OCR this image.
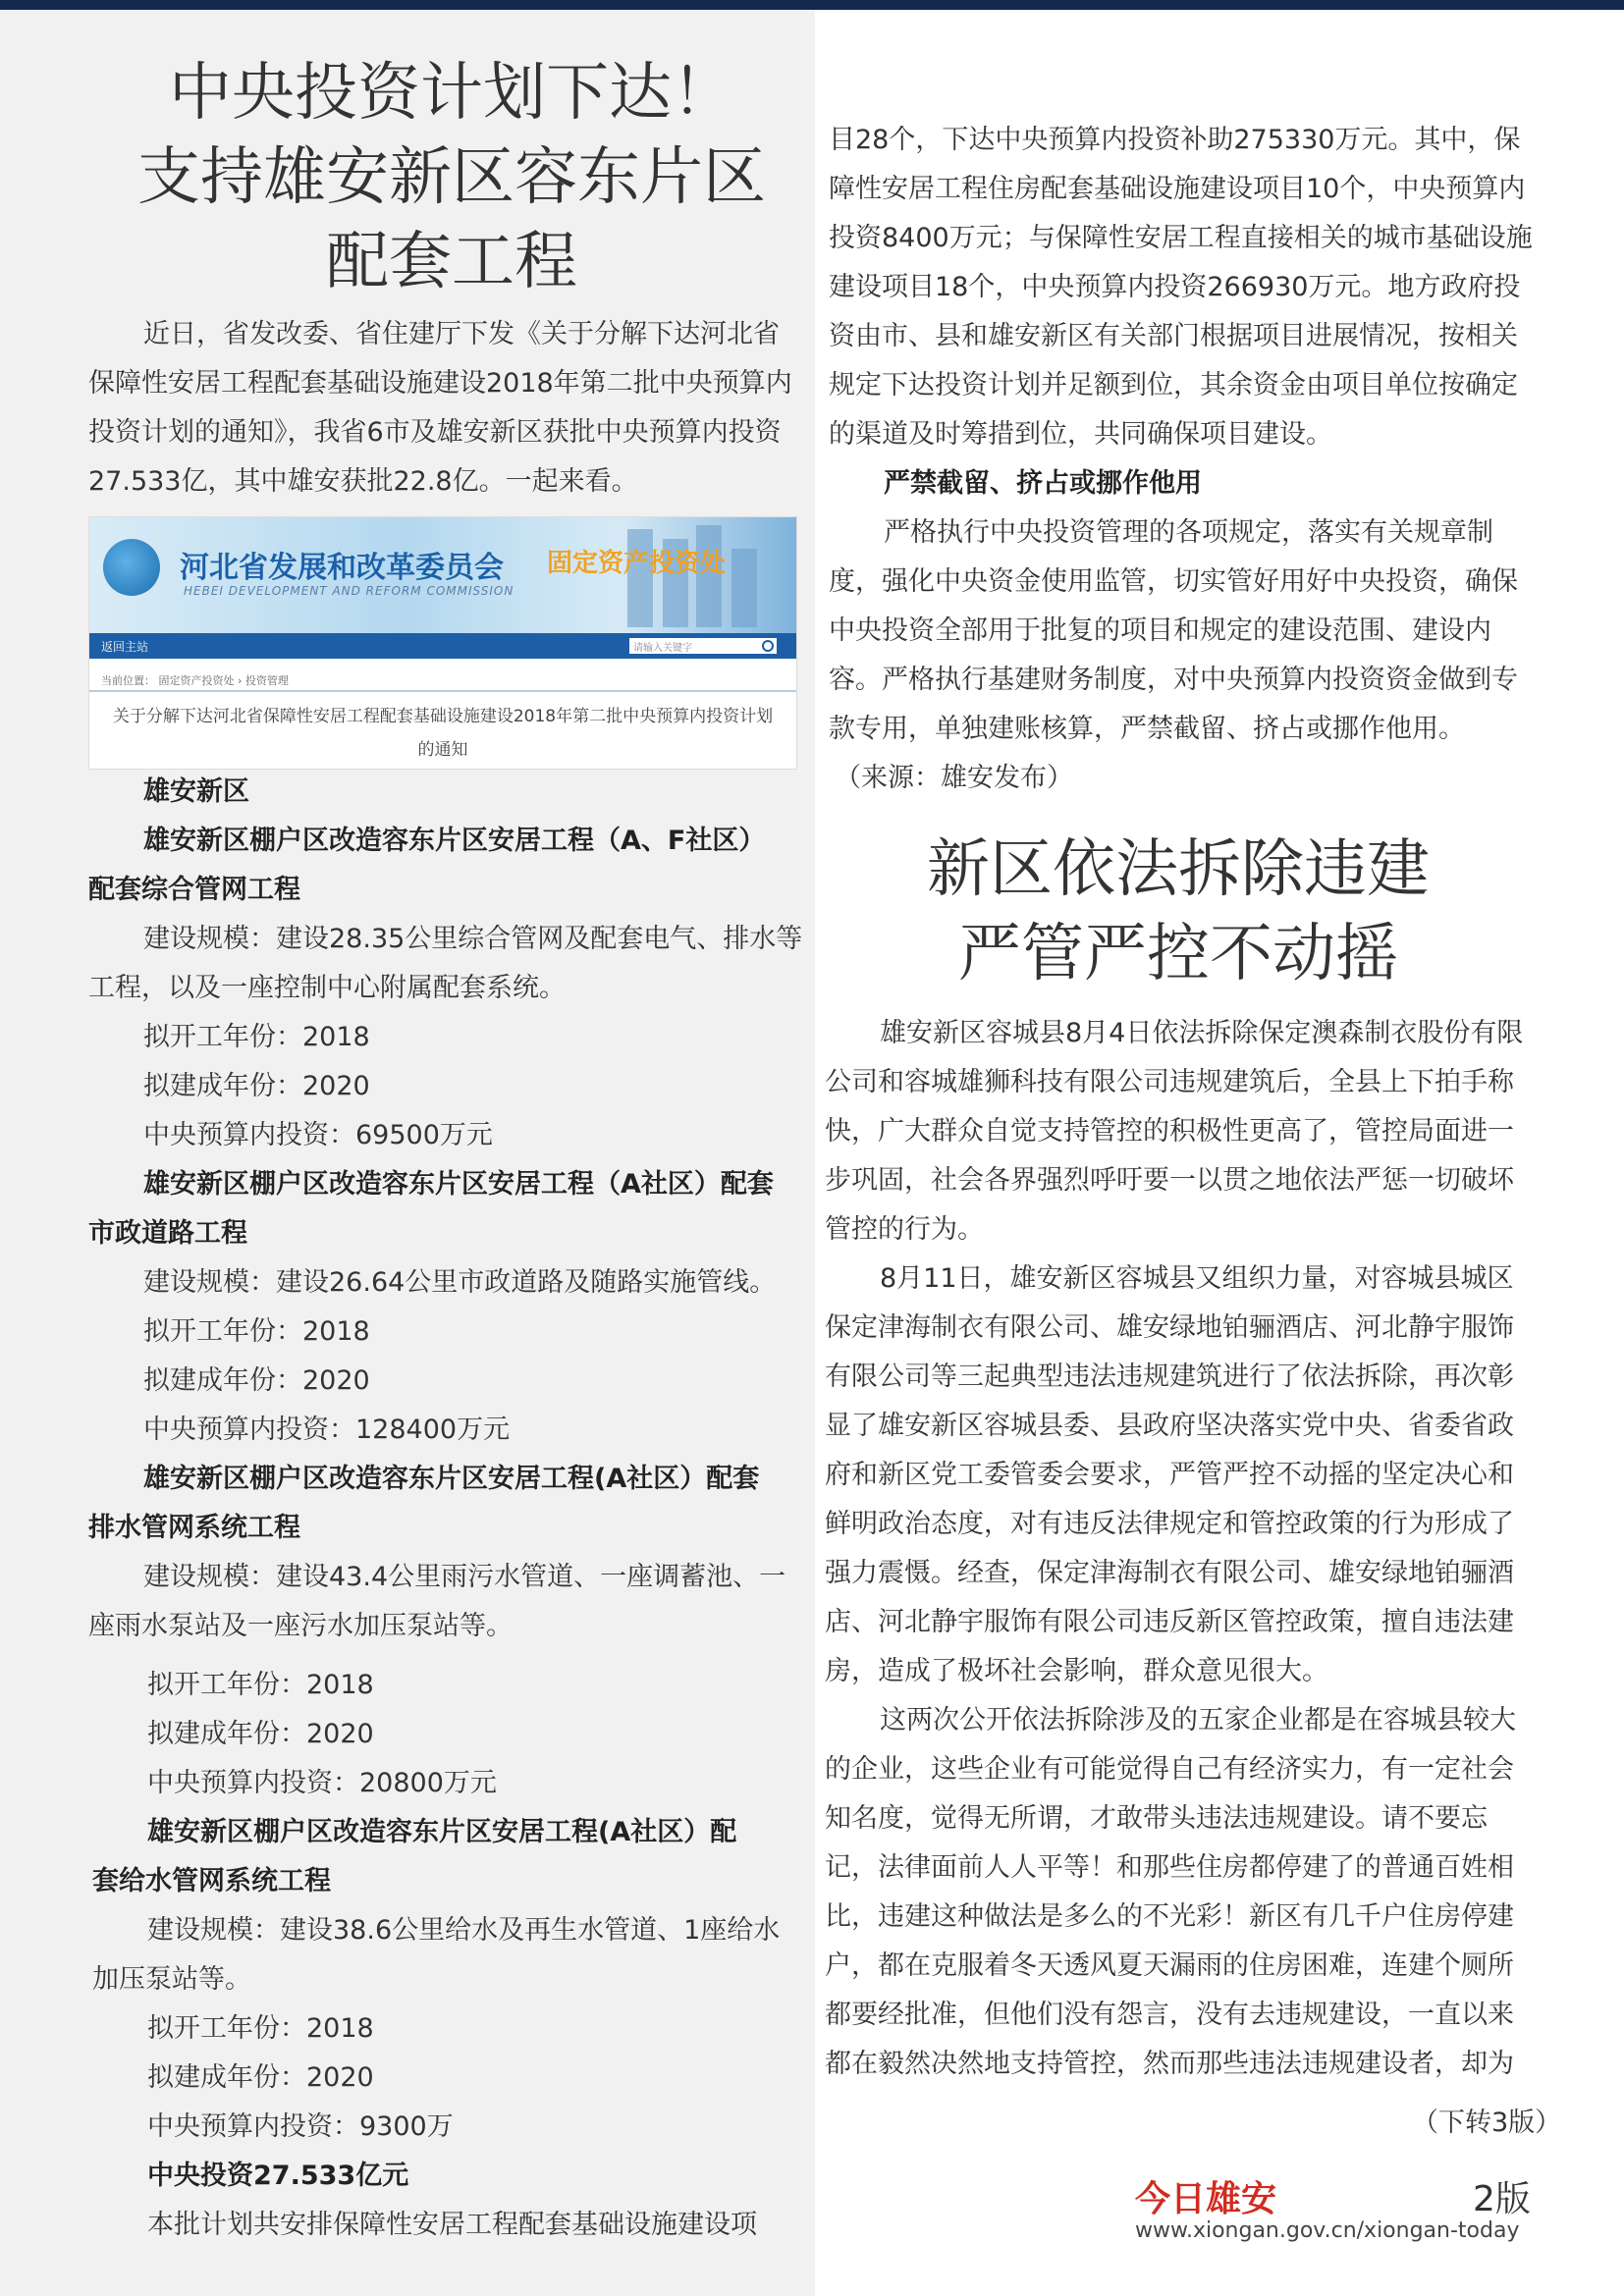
中央投资计划下达！
支持雄安新区容东片区
配套工程

近日，省发改委、省住建厅下发《关于分解下达河北省保障性安居工程配套基础设施建设2018年第二批中央预算内投资计划的通知》，我省6市及雄安新区获批中央预算内投资27.533亿，其中雄安获批22.8亿。一起来看。

河北省发展和改革委员会 固定资产投资处
HEBEI DEVELOPMENT AND REFORM COMMISSION
返回主站	请输入关键字
当前位置： 固定资产投资处 › 投资管理
关于分解下达河北省保障性安居工程配套基础设施建设2018年第二批中央预算内投资计划
的通知
雄安新区
雄安新区棚户区改造容东片区安居工程（A、F社区）
配套综合管网工程
建设规模：建设28.35公里综合管网及配套电气、排水等
工程，以及一座控制中心附属配套系统。
拟开工年份：2018
拟建成年份：2020
中央预算内投资：69500万元
雄安新区棚户区改造容东片区安居工程（A社区）配套
市政道路工程
建设规模：建设26.64公里市政道路及随路实施管线。
拟开工年份：2018
拟建成年份：2020
中央预算内投资：128400万元
雄安新区棚户区改造容东片区安居工程(A社区）配套
排水管网系统工程
建设规模：建设43.4公里雨污水管道、一座调蓄池、一
座雨水泵站及一座污水加压泵站等。
拟开工年份：2018
拟建成年份：2020
中央预算内投资：20800万元
雄安新区棚户区改造容东片区安居工程(A社区）配
套给水管网系统工程
建设规模：建设38.6公里给水及再生水管道、1座给水
加压泵站等。
拟开工年份：2018
拟建成年份：2020
中央预算内投资：9300万
中央投资27.533亿元
本批计划共安排保障性安居工程配套基础设施建设项

目28个，下达中央预算内投资补助275330万元。其中，保障性安居工程住房配套基础设施建设项目10个，中央预算内投资8400万元；与保障性安居工程直接相关的城市基础设施建设项目18个，中央预算内投资266930万元。地方政府投资由市、县和雄安新区有关部门根据项目进展情况，按相关规定下达投资计划并足额到位，其余资金由项目单位按确定的渠道及时筹措到位，共同确保项目建设。

严禁截留、挤占或挪作他用

严格执行中央投资管理的各项规定，落实有关规章制度，强化中央资金使用监管，切实管好用好中央投资，确保中央投资全部用于批复的项目和规定的建设范围、建设内容。严格执行基建财务制度，对中央预算内投资资金做到专款专用，单独建账核算，严禁截留、挤占或挪作他用。

（来源：雄安发布）
新区依法拆除违建
严管严控不动摇

雄安新区容城县8月4日依法拆除保定澳森制衣股份有限公司和容城雄狮科技有限公司违规建筑后，全县上下拍手称快，广大群众自觉支持管控的积极性更高了，管控局面进一步巩固，社会各界强烈呼吁要一以贯之地依法严惩一切破坏管控的行为。

8月11日，雄安新区容城县又组织力量，对容城县城区保定津海制衣有限公司、雄安绿地铂骊酒店、河北静宇服饰有限公司等三起典型违法违规建筑进行了依法拆除，再次彰显了雄安新区容城县委、县政府坚决落实党中央、省委省政府和新区党工委管委会要求，严管严控不动摇的坚定决心和鲜明政治态度，对有违反法律规定和管控政策的行为形成了强力震慑。经查，保定津海制衣有限公司、雄安绿地铂骊酒店、河北静宇服饰有限公司违反新区管控政策，擅自违法建房，造成了极坏社会影响，群众意见很大。

这两次公开依法拆除涉及的五家企业都是在容城县较大的企业，这些企业有可能觉得自己有经济实力，有一定社会知名度，觉得无所谓，才敢带头违法违规建设。请不要忘记，法律面前人人平等！和那些住房都停建了的普通百姓相比，违建这种做法是多么的不光彩！新区有几千户住房停建户，都在克服着冬天透风夏天漏雨的住房困难，连建个厕所都要经批准，但他们没有怨言，没有去违规建设，一直以来都在毅然决然地支持管控，然而那些违法违规建设者，却为

（下转3版）
今日雄安	2版
www.xiongan.gov.cn/xiongan-today
